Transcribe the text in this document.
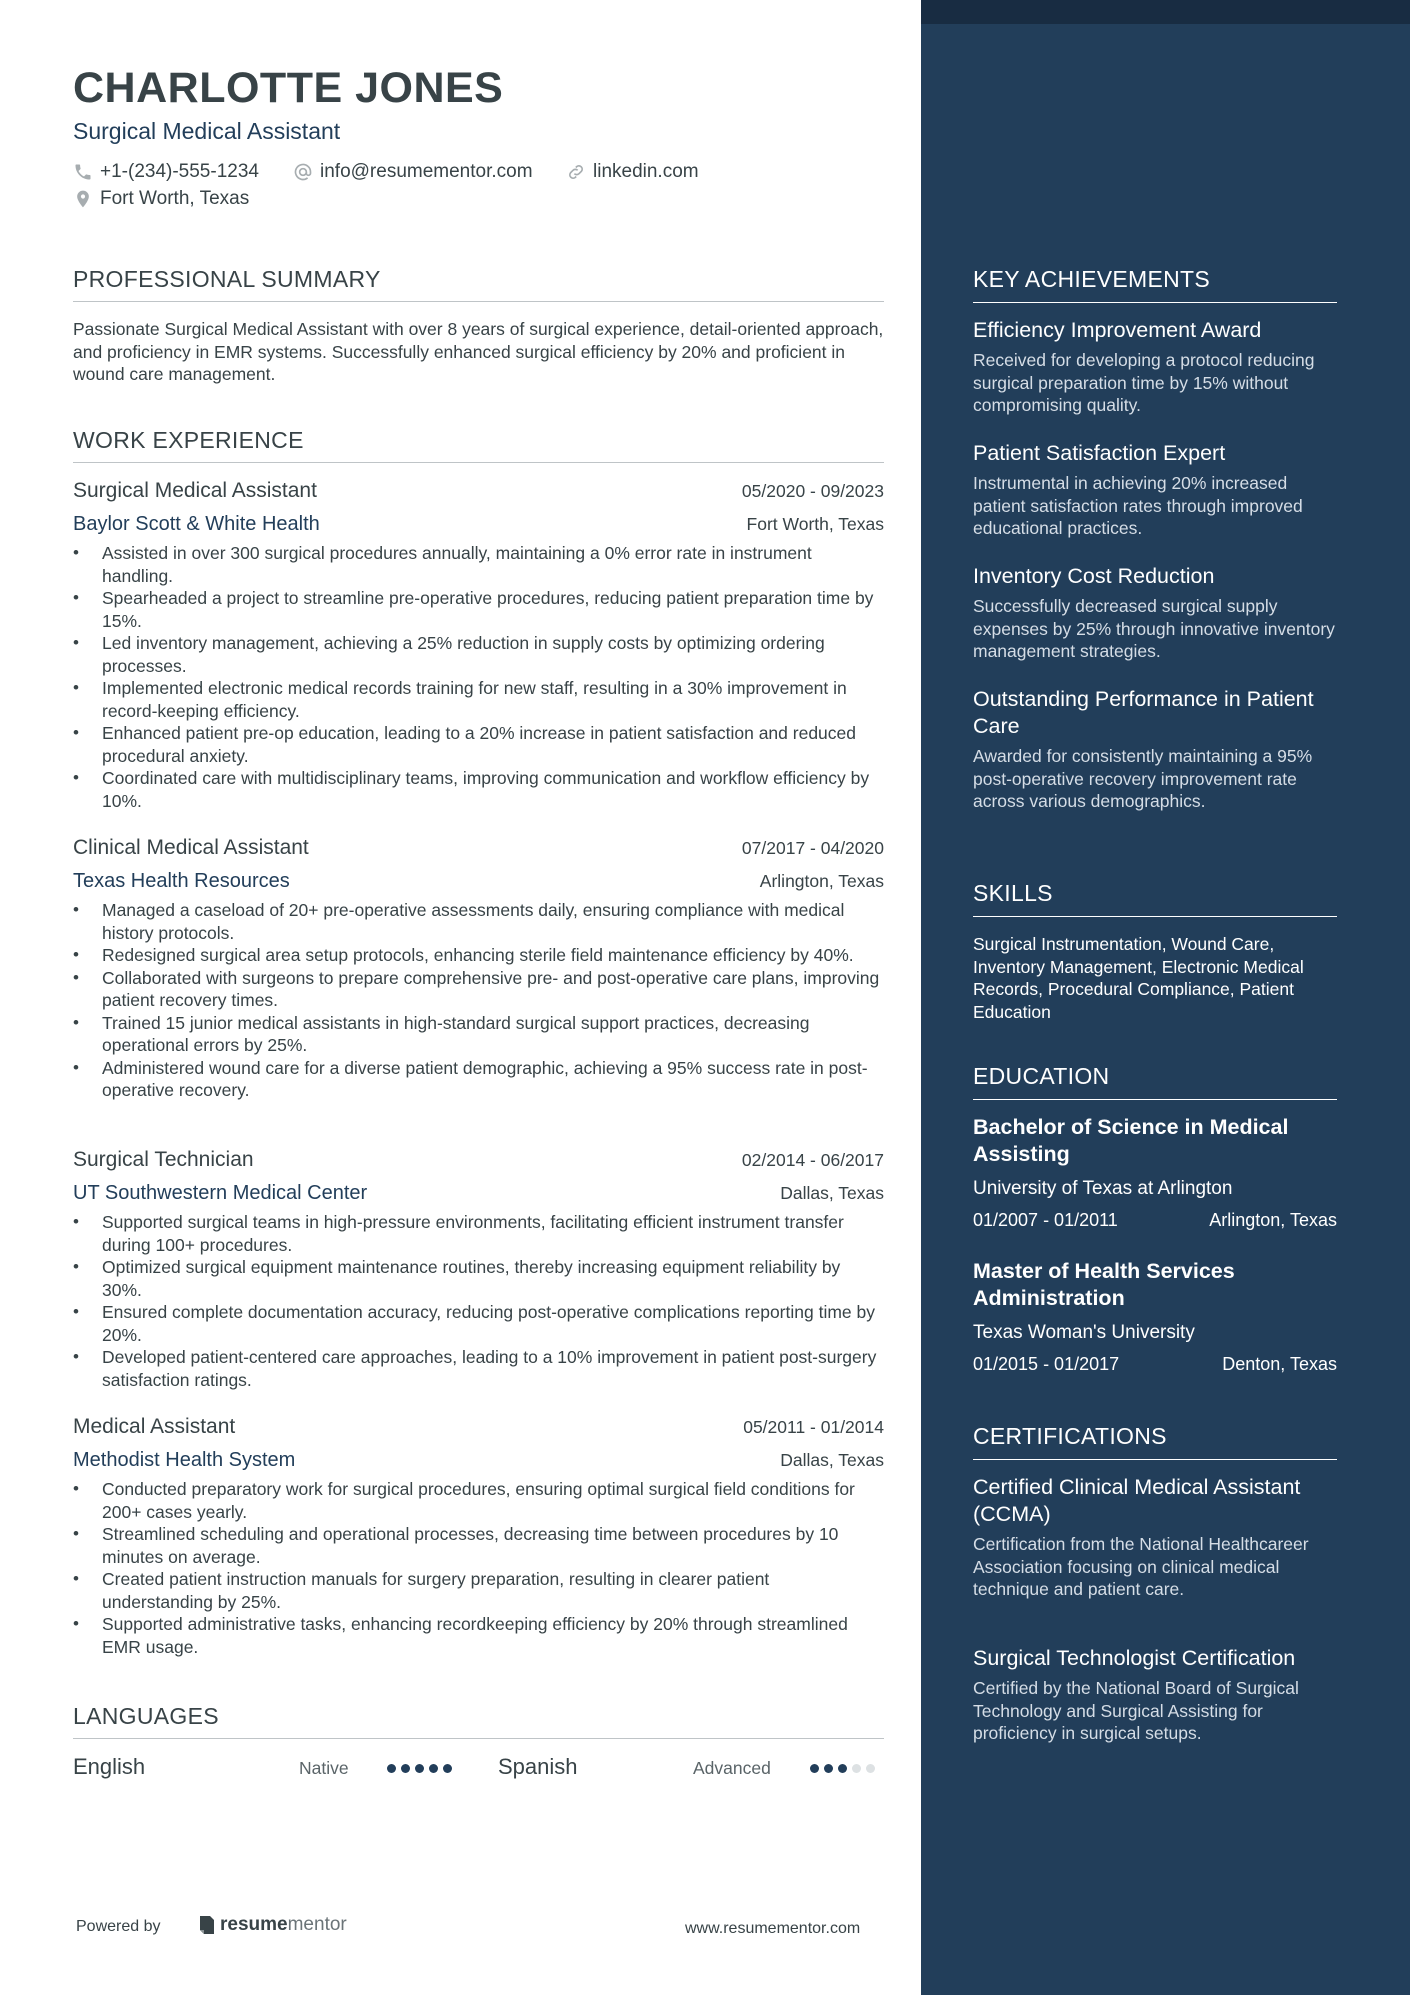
CHARLOTTE JONES
Surgical Medical Assistant
+1-(234)-555-1234	info@resumementor.com	linkedin.com
Fort Worth, Texas
PROFESSIONAL SUMMARY
Passionate Surgical Medical Assistant with over 8 years of surgical experience, detail-oriented approach, and proficiency in EMR systems. Successfully enhanced surgical efficiency by 20% and proficient in wound care management.
WORK EXPERIENCE
Surgical Medical Assistant	05/2020 - 09/2023
Baylor Scott & White Health	Fort Worth, Texas
• Assisted in over 300 surgical procedures annually, maintaining a 0% error rate in instrument handling.
• Spearheaded a project to streamline pre-operative procedures, reducing patient preparation time by 15%.
• Led inventory management, achieving a 25% reduction in supply costs by optimizing ordering processes.
• Implemented electronic medical records training for new staff, resulting in a 30% improvement in record-keeping efficiency.
• Enhanced patient pre-op education, leading to a 20% increase in patient satisfaction and reduced procedural anxiety.
• Coordinated care with multidisciplinary teams, improving communication and workflow efficiency by 10%.
Clinical Medical Assistant	07/2017 - 04/2020
Texas Health Resources	Arlington, Texas
• Managed a caseload of 20+ pre-operative assessments daily, ensuring compliance with medical history protocols.
• Redesigned surgical area setup protocols, enhancing sterile field maintenance efficiency by 40%.
• Collaborated with surgeons to prepare comprehensive pre- and post-operative care plans, improving patient recovery times.
• Trained 15 junior medical assistants in high-standard surgical support practices, decreasing operational errors by 25%.
• Administered wound care for a diverse patient demographic, achieving a 95% success rate in post-operative recovery.
Surgical Technician	02/2014 - 06/2017
UT Southwestern Medical Center	Dallas, Texas
• Supported surgical teams in high-pressure environments, facilitating efficient instrument transfer during 100+ procedures.
• Optimized surgical equipment maintenance routines, thereby increasing equipment reliability by 30%.
• Ensured complete documentation accuracy, reducing post-operative complications reporting time by 20%.
• Developed patient-centered care approaches, leading to a 10% improvement in patient post-surgery satisfaction ratings.
Medical Assistant	05/2011 - 01/2014
Methodist Health System	Dallas, Texas
• Conducted preparatory work for surgical procedures, ensuring optimal surgical field conditions for 200+ cases yearly.
• Streamlined scheduling and operational processes, decreasing time between procedures by 10 minutes on average.
• Created patient instruction manuals for surgery preparation, resulting in clearer patient understanding by 25%.
• Supported administrative tasks, enhancing recordkeeping efficiency by 20% through streamlined EMR usage.
LANGUAGES
English	Native	Spanish	Advanced
Powered by	resume mentor	www.resumementor.com
KEY ACHIEVEMENTS
Efficiency Improvement Award
Received for developing a protocol reducing surgical preparation time by 15% without compromising quality.
Patient Satisfaction Expert
Instrumental in achieving 20% increased patient satisfaction rates through improved educational practices.
Inventory Cost Reduction
Successfully decreased surgical supply expenses by 25% through innovative inventory management strategies.
Outstanding Performance in Patient Care
Awarded for consistently maintaining a 95% post-operative recovery improvement rate across various demographics.
SKILLS
Surgical Instrumentation, Wound Care, Inventory Management, Electronic Medical Records, Procedural Compliance, Patient Education
EDUCATION
Bachelor of Science in Medical Assisting
University of Texas at Arlington
01/2007 - 01/2011	Arlington, Texas
Master of Health Services Administration
Texas Woman's University
01/2015 - 01/2017	Denton, Texas
CERTIFICATIONS
Certified Clinical Medical Assistant (CCMA)
Certification from the National Healthcareer Association focusing on clinical medical technique and patient care.
Surgical Technologist Certification
Certified by the National Board of Surgical Technology and Surgical Assisting for proficiency in surgical setups.
